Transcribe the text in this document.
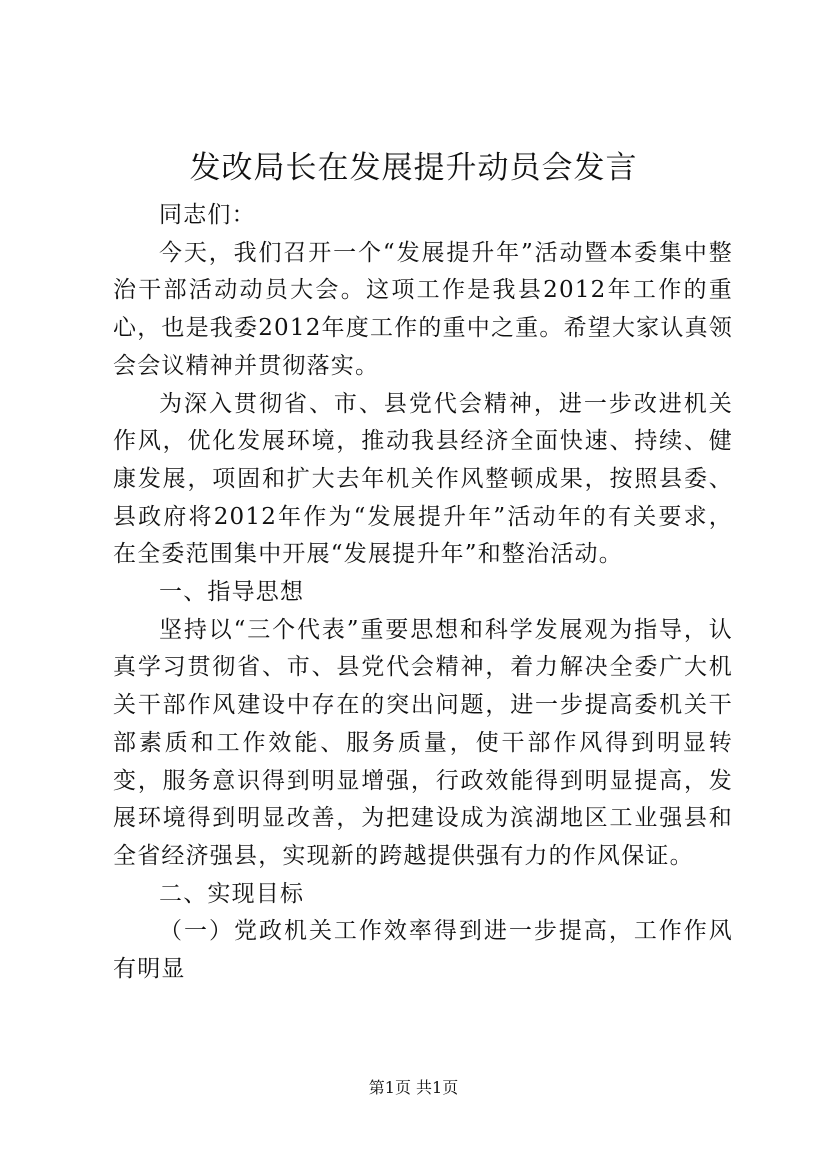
发改局长在发展提升动员会发言

同志们：

今天，我们召开一个“发展提升年”活动暨本委集中整治干部活动动员大会。这项工作是我县2012年工作的重心，也是我委2012年度工作的重中之重。希望大家认真领会会议精神并贯彻落实。

为深入贯彻省、市、县党代会精神，进一步改进机关作风，优化发展环境，推动我县经济全面快速、持续、健康发展，项固和扩大去年机关作风整顿成果，按照县委、县政府将2012年作为“发展提升年”活动年的有关要求，在全委范围集中开展“发展提升年”和整治活动。

一、指导思想

坚持以“三个代表”重要思想和科学发展观为指导，认真学习贯彻省、市、县党代会精神，着力解决全委广大机关干部作风建设中存在的突出问题，进一步提高委机关干部素质和工作效能、服务质量，使干部作风得到明显转变，服务意识得到明显增强，行政效能得到明显提高，发展环境得到明显改善，为把建设成为滨湖地区工业强县和全省经济强县，实现新的跨越提供强有力的作风保证。

二、实现目标

（一）党政机关工作效率得到进一步提高，工作作风有明显

第1页 共1页
